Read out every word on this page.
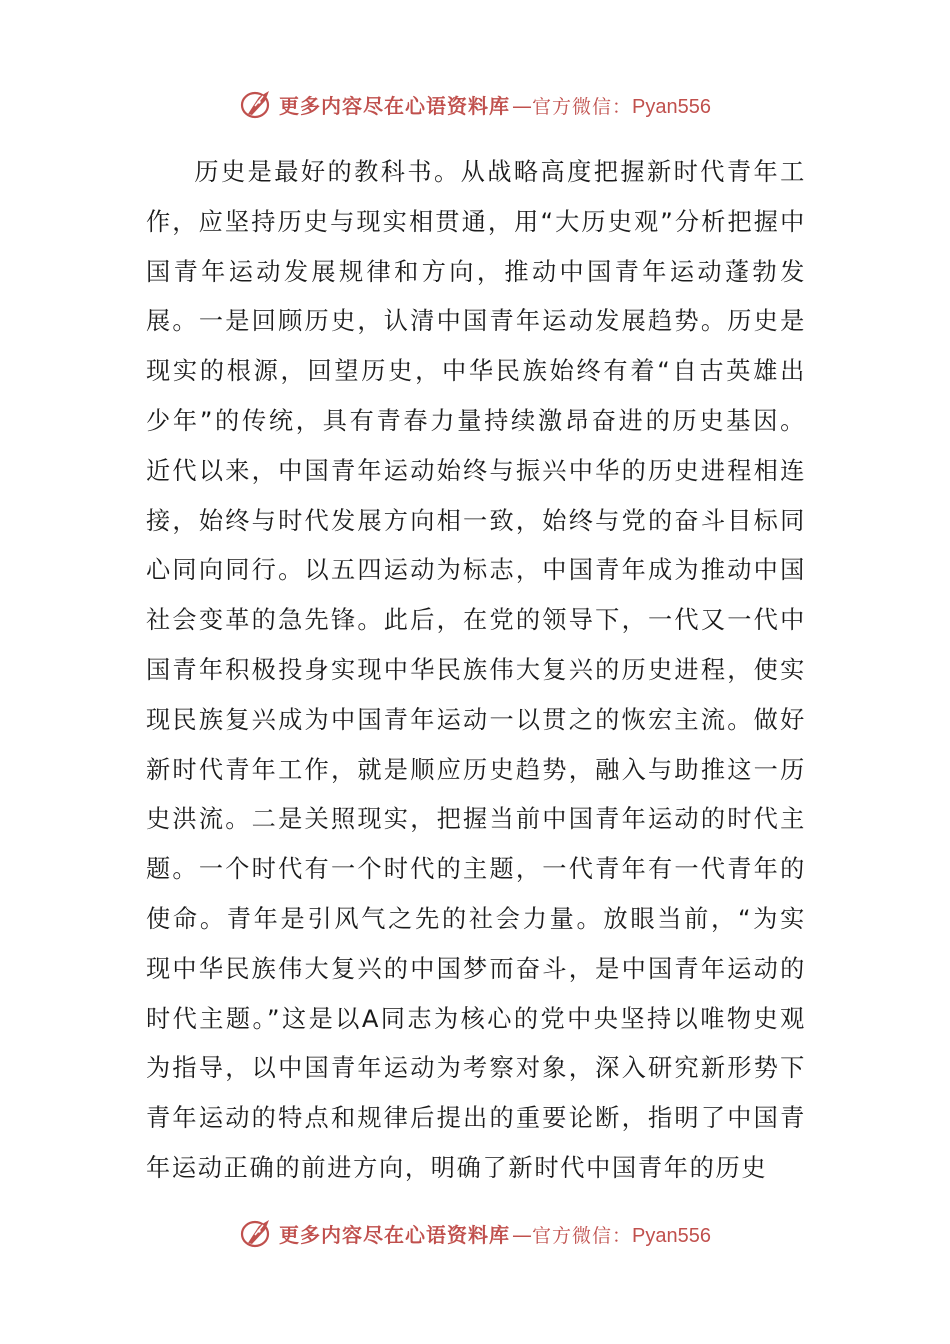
更多内容尽在心语资料库 — 官方微信： Pyan556

历史是最好的教科书。从战略高度把握新时代青年工作，应坚持历史与现实相贯通，用“大历史观”分析把握中国青年运动发展规律和方向，推动中国青年运动蓬勃发展。一是回顾历史，认清中国青年运动发展趋势。历史是现实的根源，回望历史，中华民族始终有着“自古英雄出少年”的传统，具有青春力量持续激昂奋进的历史基因。近代以来，中国青年运动始终与振兴中华的历史进程相连接，始终与时代发展方向相一致，始终与党的奋斗目标同心同向同行。以五四运动为标志，中国青年成为推动中国社会变革的急先锋。此后，在党的领导下，一代又一代中国青年积极投身实现中华民族伟大复兴的历史进程，使实现民族复兴成为中国青年运动一以贯之的恢宏主流。做好新时代青年工作，就是顺应历史趋势，融入与助推这一历史洪流。二是关照现实，把握当前中国青年运动的时代主题。一个时代有一个时代的主题，一代青年有一代青年的使命。青年是引风气之先的社会力量。放眼当前，“为实现中华民族伟大复兴的中国梦而奋斗，是中国青年运动的时代主题。”这是以A同志为核心的党中央坚持以唯物史观为指导，以中国青年运动为考察对象，深入研究新形势下青年运动的特点和规律后提出的重要论断，指明了中国青年运动正确的前进方向，明确了新时代中国青年的历史

更多内容尽在心语资料库 — 官方微信： Pyan556
